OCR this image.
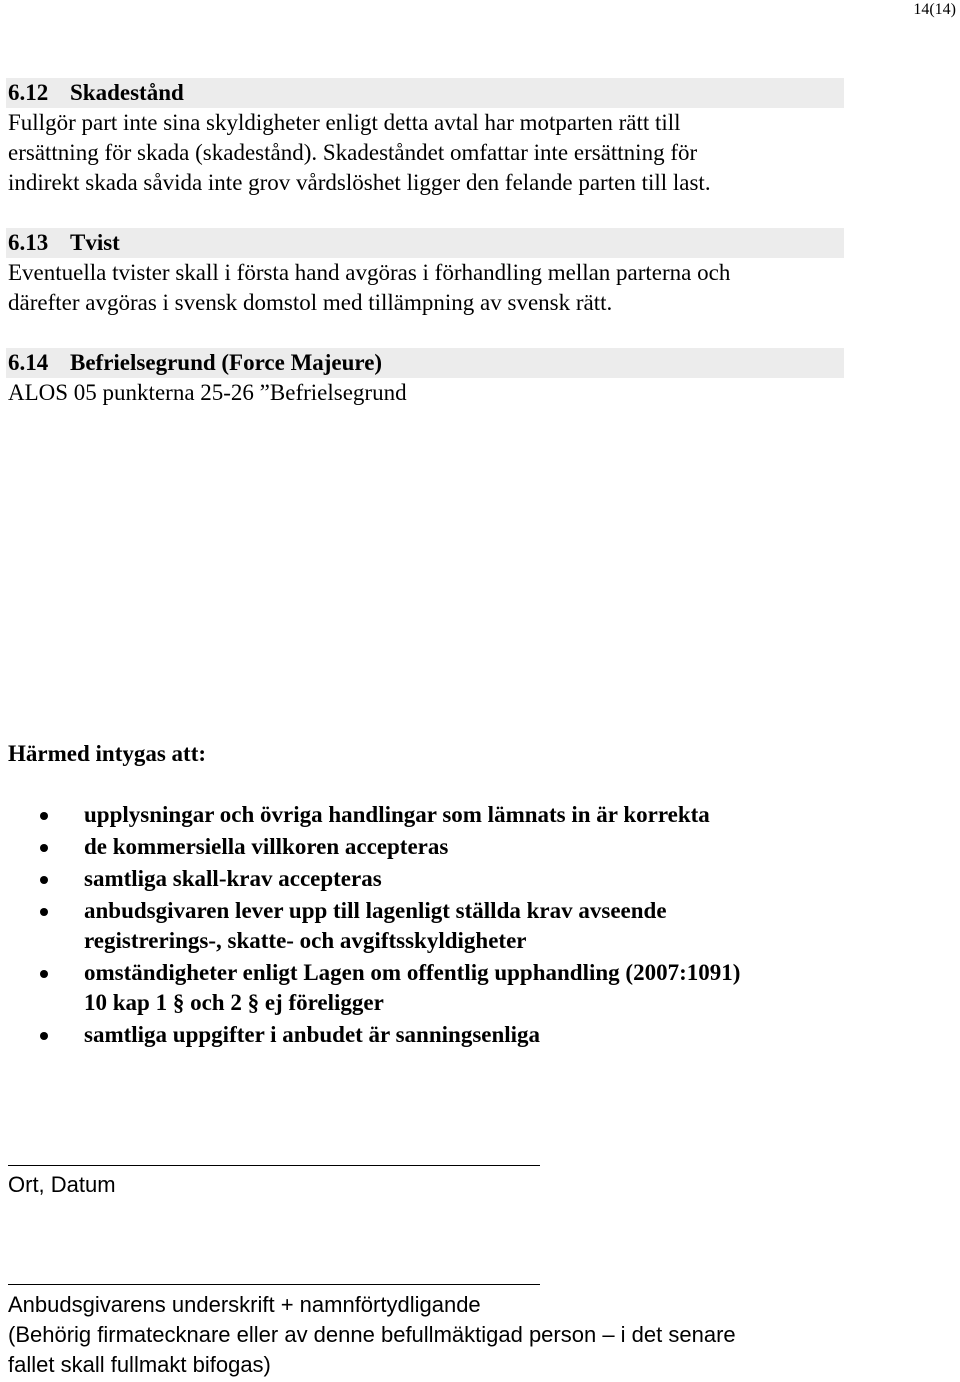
14(14)
6.12 Skadestånd
Fullgör part inte sina skyldigheter enligt detta avtal har motparten rätt till
ersättning för skada (skadestånd). Skadeståndet omfattar inte ersättning för
indirekt skada såvida inte grov vårdslöshet ligger den felande parten till last.
6.13 Tvist
Eventuella tvister skall i första hand avgöras i förhandling mellan parterna och
därefter avgöras i svensk domstol med tillämpning av svensk rätt.
6.14 Befrielsegrund (Force Majeure)
ALOS 05 punkterna 25-26 ”Befrielsegrund
Härmed intygas att:
upplysningar och övriga handlingar som lämnats in är korrekta
de kommersiella villkoren accepteras
samtliga skall-krav accepteras
anbudsgivaren lever upp till lagenligt ställda krav avseende
registrerings-, skatte- och avgiftsskyldigheter
omständigheter enligt Lagen om offentlig upphandling (2007:1091)
10 kap 1 § och 2 § ej föreligger
samtliga uppgifter i anbudet är sanningsenliga
Ort, Datum
Anbudsgivarens underskrift + namnförtydligande
(Behörig firmatecknare eller av denne befullmäktigad person – i det senare
fallet skall fullmakt bifogas)
